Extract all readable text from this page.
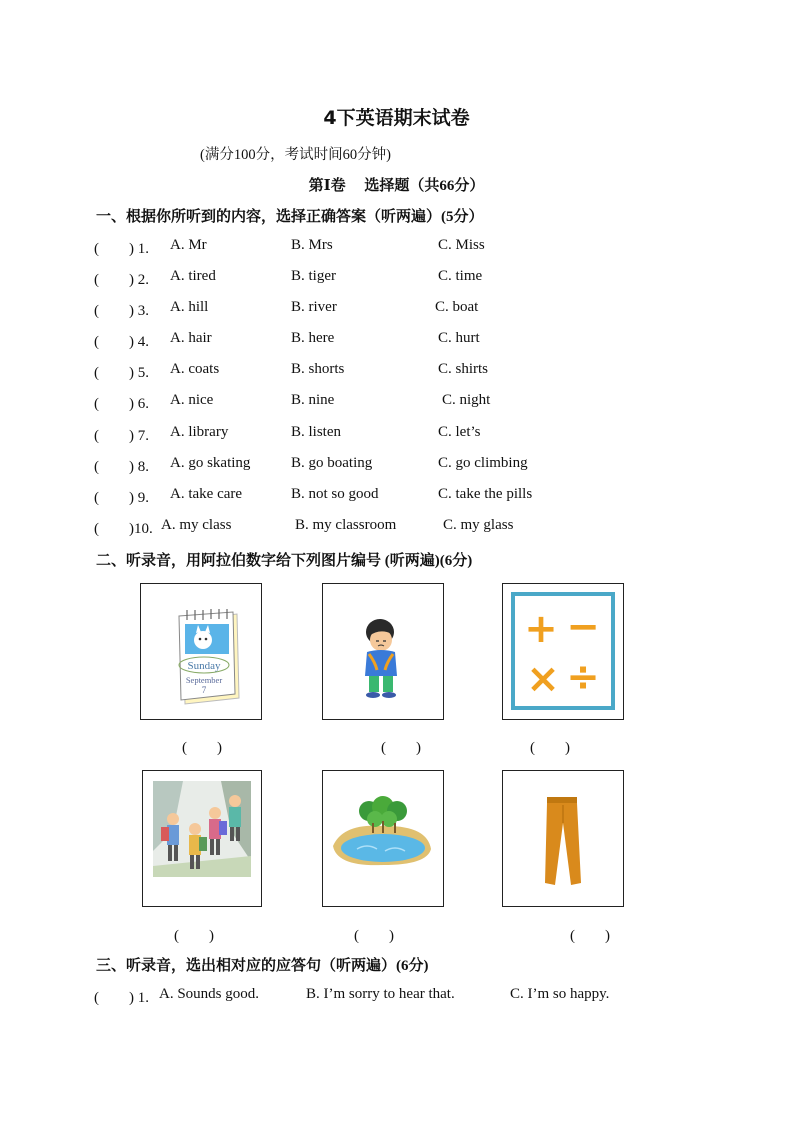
4下英语期末试卷
(满分100分，考试时间60分钟)
第Ⅰ卷　 选择题（共66分）
一、根据你所听到的内容，选择正确答案（听两遍）(5分）
(　　) 1. A. Mr	B. Mrs	C. Miss
(　　) 2. A. tired	B. tiger	C. time
(　　) 3. A. hill	B. river	C. boat
(　　) 4. A. hair	B. here	C. hurt
(　　) 5. A. coats	B. shorts	C. shirts
(　　) 6. A. nice	B. nine	C. night
(　　) 7. A. library	B. listen	C. let’s
(　　) 8. A. go skating	B. go boating	C. go climbing
(　　) 9. A. take care	B. not so good	C. take the pills
(　　)10. A. my class	B. my classroom	C. my glass
二、听录音，用阿拉伯数字给下列图片编号 (听两遍)(6分)
Sunday
September
7
+ −
× ÷
(　　)	(　　)	(　　)
(　　)	(　　)	(　　)
三、听录音，选出相对应的应答句（听两遍）(6分)
(　　) 1. A. Sounds good.	B. I’m sorry to hear that.	C. I’m so happy.
